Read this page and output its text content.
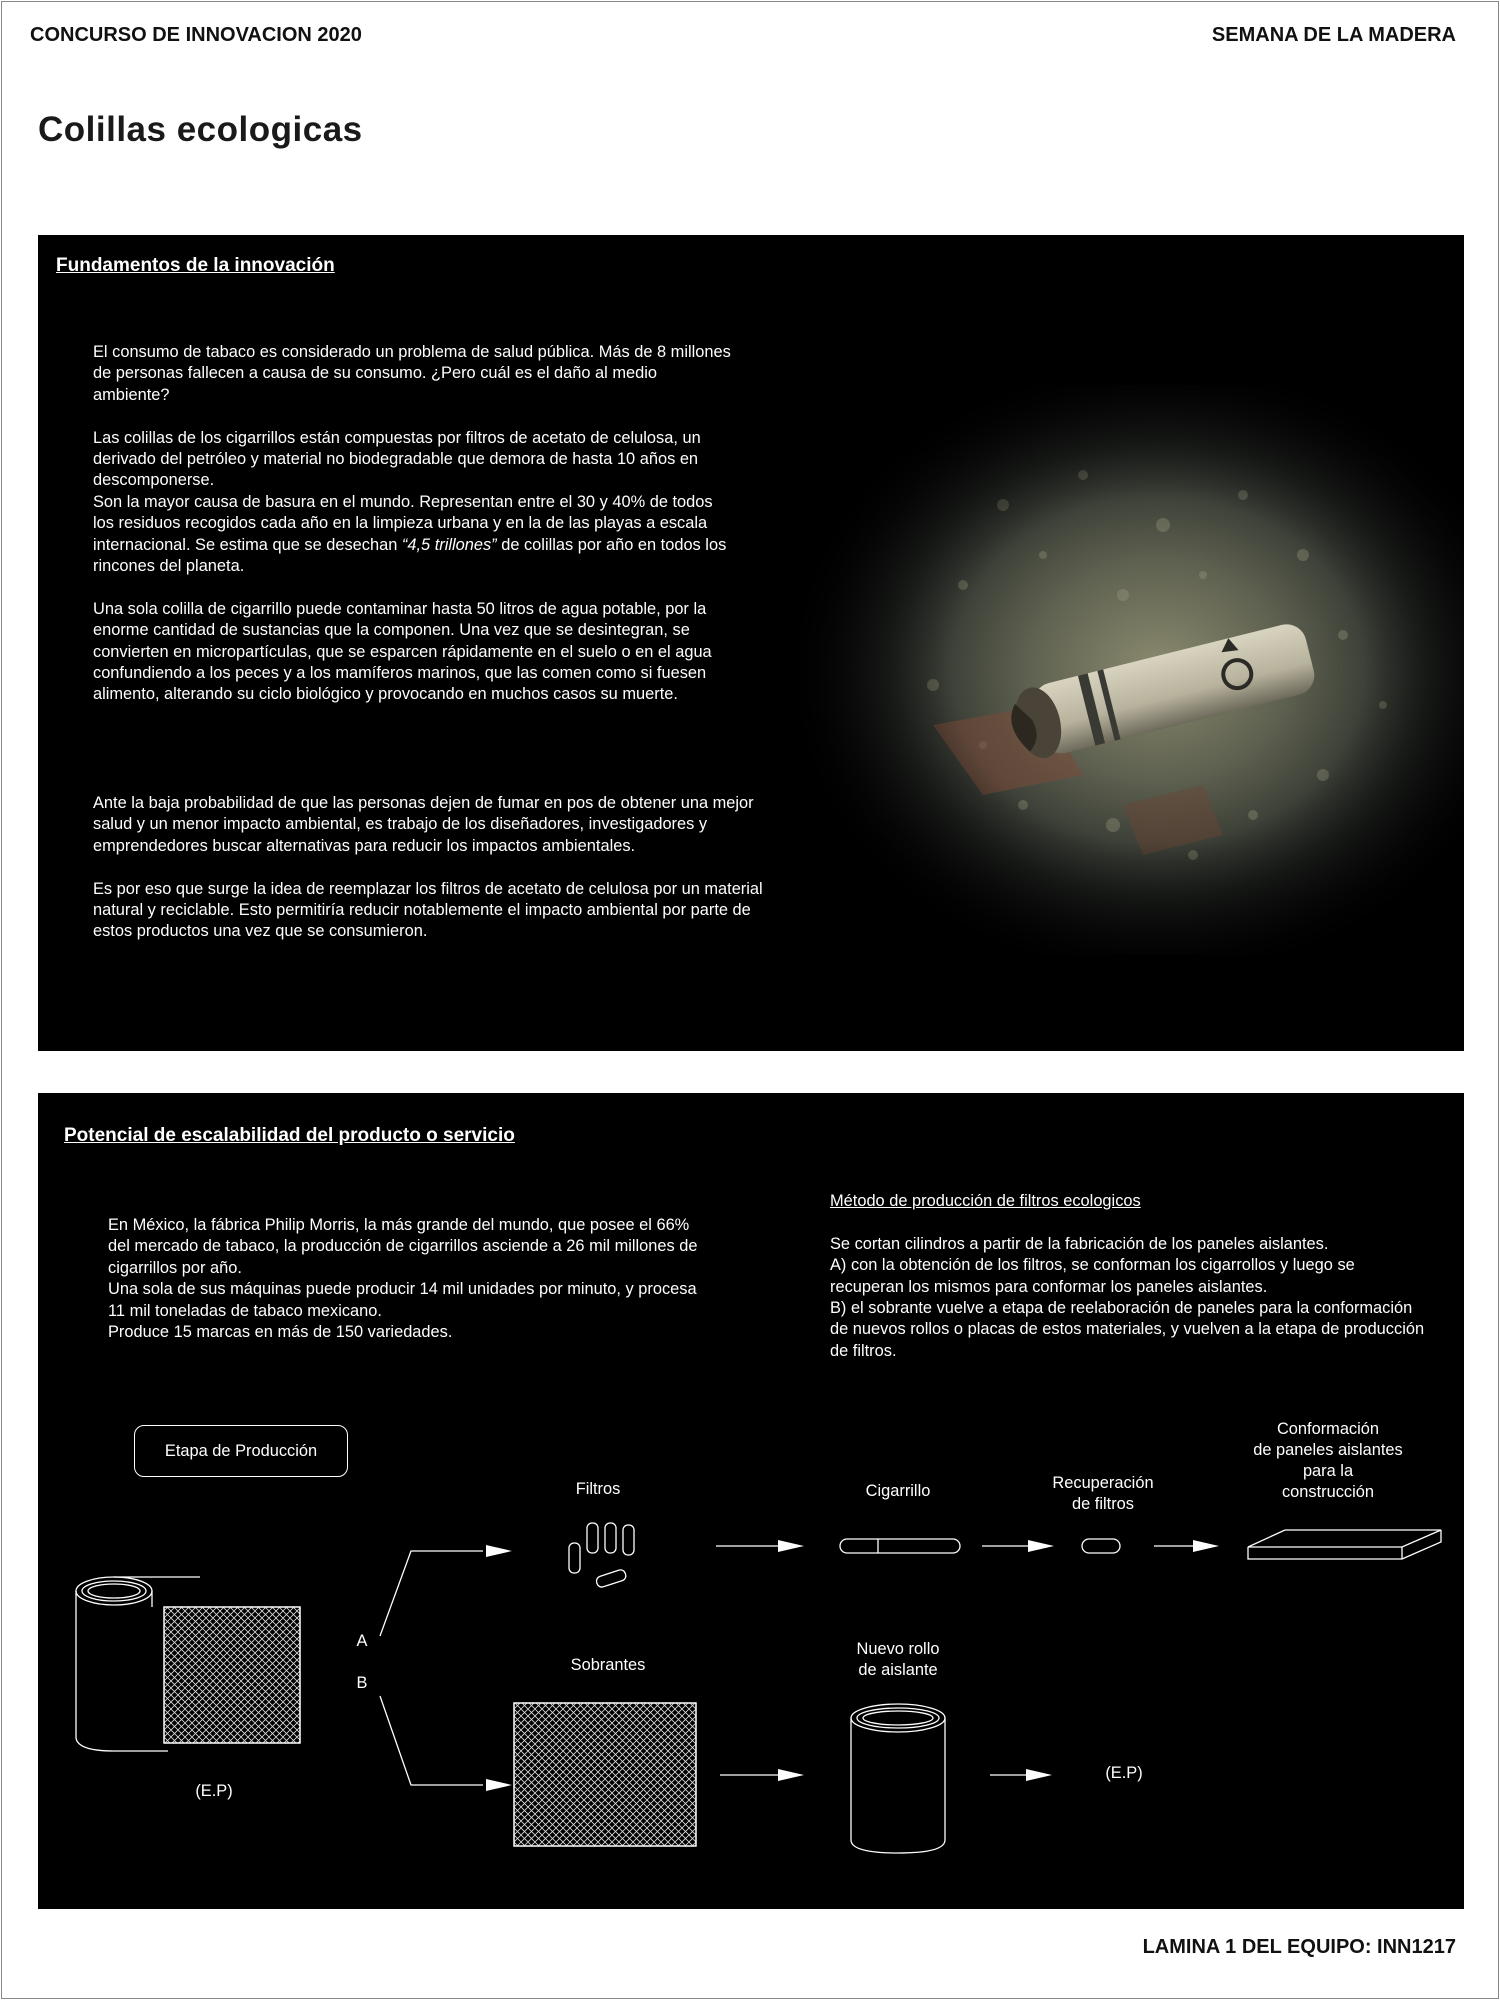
CONCURSO DE INNOVACION 2020	SEMANA DE LA MADERA
Colillas ecologicas
Fundamentos de la innovación

El consumo de tabaco es considerado un problema de salud pública. Más de 8 millones de personas fallecen a causa de su consumo. ¿Pero cuál es el daño al medio ambiente?

Las colillas de los cigarrillos están compuestas por filtros de acetato de celulosa, un derivado del petróleo y material no biodegradable que demora de hasta 10 años en descomponerse.

Son la mayor causa de basura en el mundo. Representan entre el 30 y 40% de todos los residuos recogidos cada año en la limpieza urbana y en la de las playas a escala internacional. Se estima que se desechan “4,5 trillones” de colillas por año en todos los rincones del planeta.

Una sola colilla de cigarrillo puede contaminar hasta 50 litros de agua potable, por la enorme cantidad de sustancias que la componen. Una vez que se desintegran, se convierten en micropartículas, que se esparcen rápidamente en el suelo o en el agua confundiendo a los peces y a los mamíferos marinos, que las comen como si fuesen alimento, alterando su ciclo biológico y provocando en muchos casos su muerte.

Ante la baja probabilidad de que las personas dejen de fumar en pos de obtener una mejor salud y un menor impacto ambiental, es trabajo de los diseñadores, investigadores y emprendedores buscar alternativas para reducir los impactos ambientales.

Es por eso que surge la idea de reemplazar los filtros de acetato de celulosa por un material natural y reciclable. Esto permitiría reducir notablemente el impacto ambiental por parte de estos productos una vez que se consumieron.

Potencial de escalabilidad del producto o servicio
En México, la fábrica Philip Morris, la más grande del mundo, que posee el 66% del mercado de tabaco, la producción de cigarrillos asciende a 26 mil millones de cigarrillos por año.
Una sola de sus máquinas puede producir 14 mil unidades por minuto, y procesa 11 mil toneladas de tabaco mexicano.
Produce 15 marcas en más de 150 variedades.

Método de producción de filtros ecologicos

Se cortan cilindros a partir de la fabricación de los paneles aislantes.
A) con la obtención de los filtros, se conforman los cigarrollos y luego se recuperan los mismos para conformar los paneles aislantes.
B) el sobrante vuelve a etapa de reelaboración de paneles para la conformación de nuevos rollos o placas de estos materiales, y vuelven a la etapa de producción de filtros.
Etapa de Producción
Filtros	Cigarrillo	Recuperación
de filtros
Conformación
de paneles aislantes
para la
construcción
A
B
Sobrantes
Nuevo rollo
de aislante
(E.P)
(E.P)
LAMINA 1 DEL EQUIPO: INN1217
